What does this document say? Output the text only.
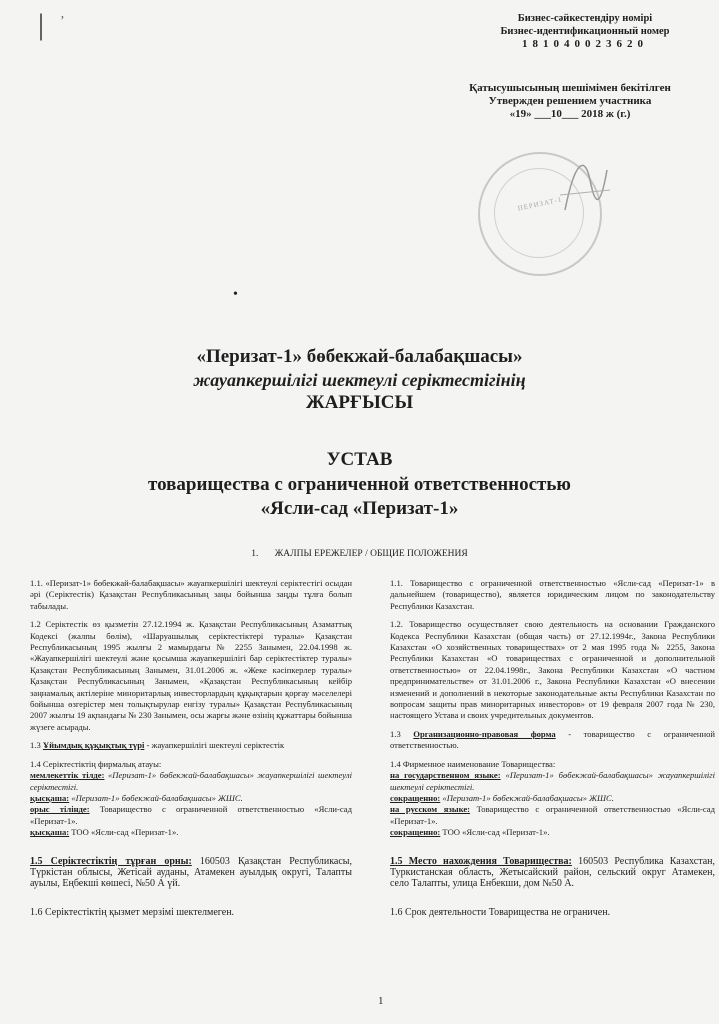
| ’	Бизнес-сәйкестендіру номірі
Бизнес-идентификационный номер
181040023620
Қатысушысының шешімімен бекітілген
Утвержден решением участника
«19» ___10___ 2018 ж (г.)
ПЕРИЗАТ-1
•
«Перизат-1» бөбекжай-балабақшасы»
жауапкершілігі шектеулі серіктестігінің
ЖАРҒЫСЫ
УСТАВ
товарищества с ограниченной ответственностью
«Ясли-сад «Перизат-1»
1. ЖАЛПЫ ЕРЕЖЕЛЕР / ОБЩИЕ ПОЛОЖЕНИЯ

1.1. «Перизат-1» бөбекжай-балабақшасы» жауапкершілігі шектеулі серіктестігі осыдан әрі (Серіктестік) Қазақстан Республикасының заңы бойынша заңды тұлға болып табылады.

1.2 Серіктестік өз қызметін 27.12.1994 ж. Қазақстан Республикасының Азаматтық Кодексі (жалпы бөлім), «Шаруашылық серіктестіктері туралы» Қазақстан Республикасының 1995 жылғы 2 мамырдағы № 2255 Занымен, 22.04.1998 ж. «Жауапкершілігі шектеулі және қосымша жауапкершілігі бар серіктестіктер туралы» Қазақстан Республикасының Занымен, 31.01.2006 ж. «Жеке кәсіпкерлер туралы» Қазақстан Республикасының Занымен, «Қазақстан Республикасының кейбір заңнамалық актілеріне миноритарлық инвесторлардың құқықтарын қорғау мәселелері бойынша өзгерістер мен толықтырулар енгізу туралы» Қазақстан Республикасының 2007 жылғы 19 ақпандағы № 230 Занымен, осы жарғы және өзінің құжаттары бойынша жүзеге асырады.

1.3 Ұйымдық құқықтық түрі - жауапкершілігі шектеулі серіктестік

1.4 Серіктестіктің фирмалық атауы:
мемлекеттік тілде: «Перизат-1» бөбекжай-балабақшасы» жауапкершілігі шектеулі серіктестігі.
қысқаша: «Перизат-1» бөбекжай-балабақшасы» ЖШС.
орыс тілінде: Товарищество с ограниченной ответственностью «Ясли-сад «Перизат-1».
қысқаша: ТОО «Ясли-сад «Перизат-1».

1.5 Серіктестіктің тұрған орны: 160503 Қазақстан Республикасы, Түркістан облысы, Жетісай ауданы, Атамекен ауылдық округі, Талапты ауылы, Еңбекші көшесі, №50 А үй.

1.6 Серіктестіктің қызмет мерзімі шектелмеген.

1.1. Товарищество с ограниченной ответственностью «Ясли-сад «Перизат-1» в дальнейшем (товарищество), является юридическим лицом по законодательству Республики Казахстан.

1.2. Товарищество осуществляет свою деятельность на основании Гражданского Кодекса Республики Казахстан (общая часть) от 27.12.1994г., Закона Республики Казахстан «О хозяйственных товариществах» от 2 мая 1995 года № 2255, Закона Республики Казахстан «О товариществах с ограниченной и дополнительной ответственностью» от 22.04.1998г., Закона Республики Казахстан «О частном предпринимательстве» от 31.01.2006 г., Закона Республики Казахстан «О внесении изменений и дополнений в некоторые законодательные акты Республики Казахстан по вопросам защиты прав миноритарных инвесторов» от 19 февраля 2007 года № 230, настоящего Устава и своих учредительных документов.

1.3 Организационно-правовая форма - товарищество с ограниченной ответственностью.

1.4 Фирменное наименование Товарищества:
на государственном языке: «Перизат-1» бөбекжай-балабақшасы» жауапкершілігі шектеулі серіктестігі.
сокращенно: «Перизат-1» бөбекжай-балабақшасы» ЖШС.
на русском языке: Товарищество с ограниченной ответственностью «Ясли-сад «Перизат-1».
сокращенно: ТОО «Ясли-сад «Перизат-1».

1.5 Место нахождения Товарищества: 160503 Республика Казахстан, Туркистанская область, Жетысайский район, сельский округ Атамекен, село Талапты, улица Енбекши, дом №50 А.

1.6 Срок деятельности Товарищества не ограничен.

1
